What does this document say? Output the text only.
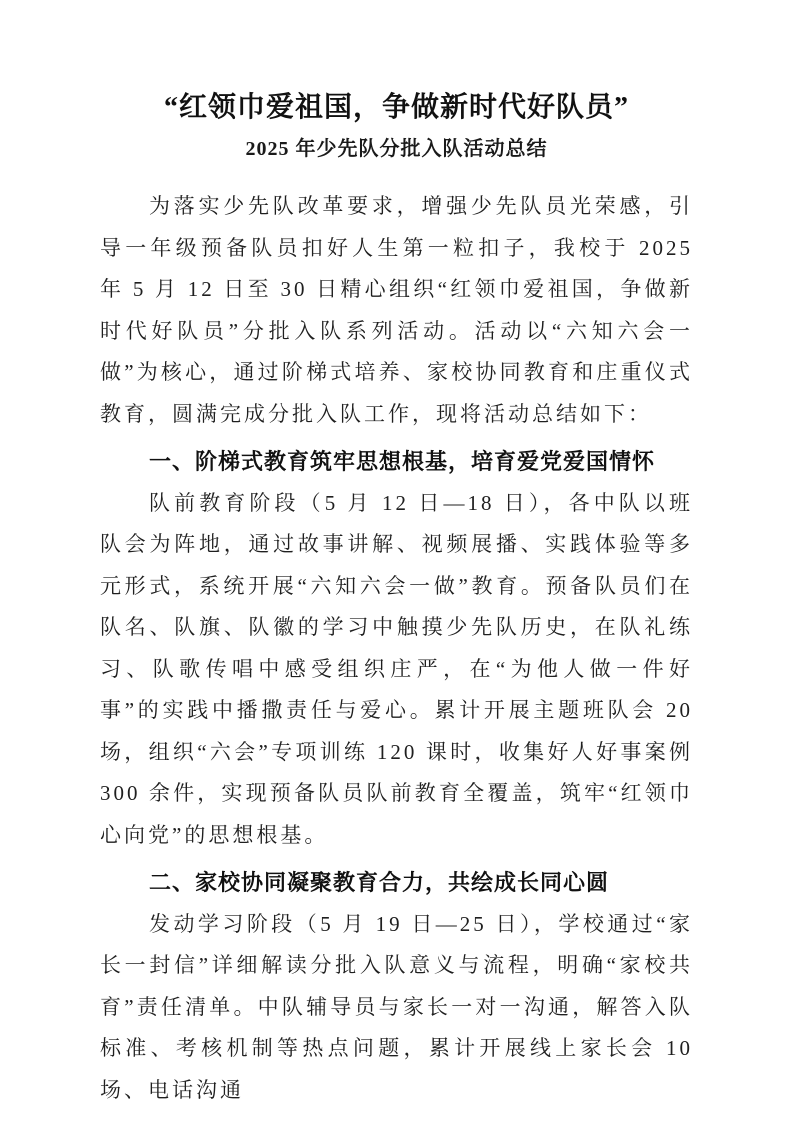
“红领巾爱祖国，争做新时代好队员”
2025 年少先队分批入队活动总结

为落实少先队改革要求，增强少先队员光荣感，引导一年级预备队员扣好人生第一粒扣子，我校于 2025 年 5 月 12 日至 30 日精心组织“红领巾爱祖国，争做新时代好队员”分批入队系列活动。活动以“六知六会一做”为核心，通过阶梯式培养、家校协同教育和庄重仪式教育，圆满完成分批入队工作，现将活动总结如下：

一、阶梯式教育筑牢思想根基，培育爱党爱国情怀

队前教育阶段（5 月 12 日—18 日），各中队以班队会为阵地，通过故事讲解、视频展播、实践体验等多元形式，系统开展“六知六会一做”教育。预备队员们在队名、队旗、队徽的学习中触摸少先队历史，在队礼练习、队歌传唱中感受组织庄严，在“为他人做一件好事”的实践中播撒责任与爱心。累计开展主题班队会 20 场，组织“六会”专项训练 120 课时，收集好人好事案例 300 余件，实现预备队员队前教育全覆盖，筑牢“红领巾心向党”的思想根基。

二、家校协同凝聚教育合力，共绘成长同心圆

发动学习阶段（5 月 19 日—25 日），学校通过“家长一封信”详细解读分批入队意义与流程，明确“家校共育”责任清单。中队辅导员与家长一对一沟通，解答入队标准、考核机制等热点问题，累计开展线上家长会 10 场、电话沟通
